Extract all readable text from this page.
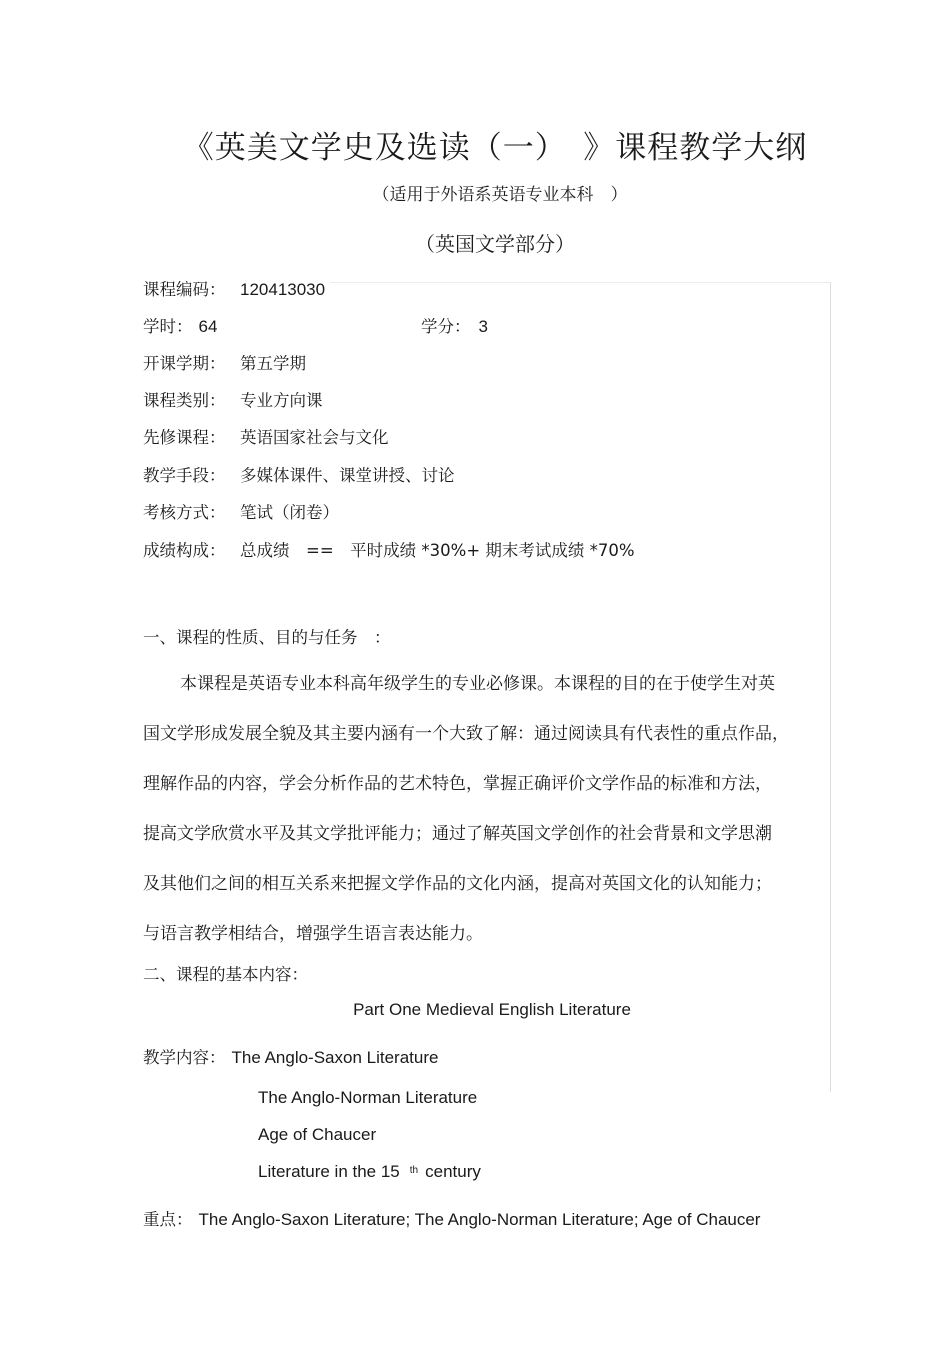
《英美文学史及选读（一）　》课程教学大纲
（适用于外语系英语专业本科　）
（英国文学部分）
课程编码： 120413030
学时： 64	学分： 3
开课学期： 第五学期
课程类别： 专业方向课
先修课程： 英语国家社会与文化
教学手段： 多媒体课件、课堂讲授、讨论
考核方式： 笔试（闭卷）
成绩构成： 总成绩　==　平时成绩 *30%+ 期末考试成绩 *70%
一、课程的性质、目的与任务　：
本课程是英语专业本科高年级学生的专业必修课。本课程的目的在于使学生对英
国文学形成发展全貌及其主要内涵有一个大致了解：通过阅读具有代表性的重点作品，
理解作品的内容，学会分析作品的艺术特色，掌握正确评价文学作品的标准和方法，
提高文学欣赏水平及其文学批评能力；通过了解英国文学创作的社会背景和文学思潮
及其他们之间的相互关系来把握文学作品的文化内涵，提高对英国文化的认知能力；
与语言教学相结合，增强学生语言表达能力。
二、课程的基本内容：
Part One Medieval English Literature
教学内容： The Anglo-Saxon Literature
The Anglo-Norman Literature
Age of Chaucer
Literature in the 15 $^{th}$ century
重点： The Anglo-Saxon Literature; The Anglo-Norman Literature; Age of Chaucer
